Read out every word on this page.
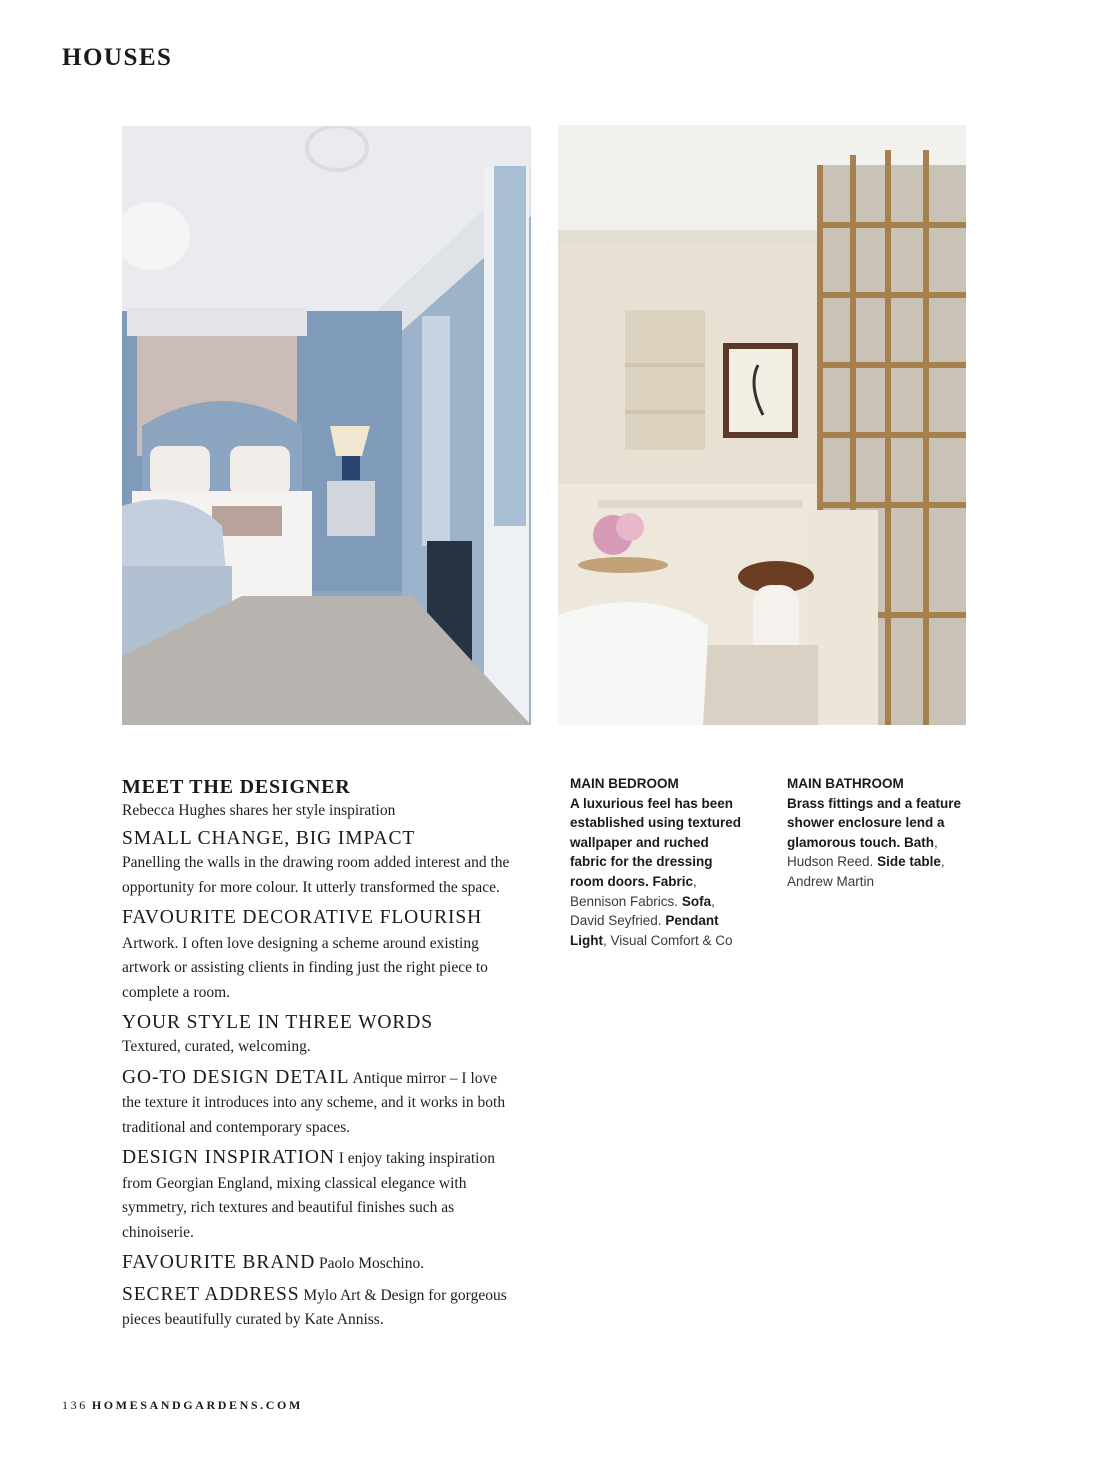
HOUSES
MEET THE DESIGNER

Rebecca Hughes shares her style inspiration

SMALL CHANGE, BIG IMPACT
Panelling the walls in the drawing room added interest and the opportunity for more colour. It utterly transformed the space.

FAVOURITE DECORATIVE FLOURISH Artwork. I often love designing a scheme around existing artwork or assisting clients in finding just the right piece to complete a room.

YOUR STYLE IN THREE WORDS
Textured, curated, welcoming.

GO-TO DESIGN DETAIL Antique mirror – I love the texture it introduces into any scheme, and it works in both traditional and contemporary spaces.

DESIGN INSPIRATION I enjoy taking inspiration from Georgian England, mixing classical elegance with symmetry, rich textures and beautiful finishes such as chinoiserie.

FAVOURITE BRAND Paolo Moschino.

SECRET ADDRESS Mylo Art & Design for gorgeous pieces beautifully curated by Kate Anniss.

MAIN BEDROOM
A luxurious feel has been established using textured wallpaper and ruched fabric for the dressing room doors. Fabric, Bennison Fabrics. Sofa, David Seyfried. Pendant Light, Visual Comfort & Co
MAIN BATHROOM
Brass fittings and a feature shower enclosure lend a glamorous touch. Bath, Hudson Reed. Side table, Andrew Martin
136 HOMESANDGARDENS.COM
